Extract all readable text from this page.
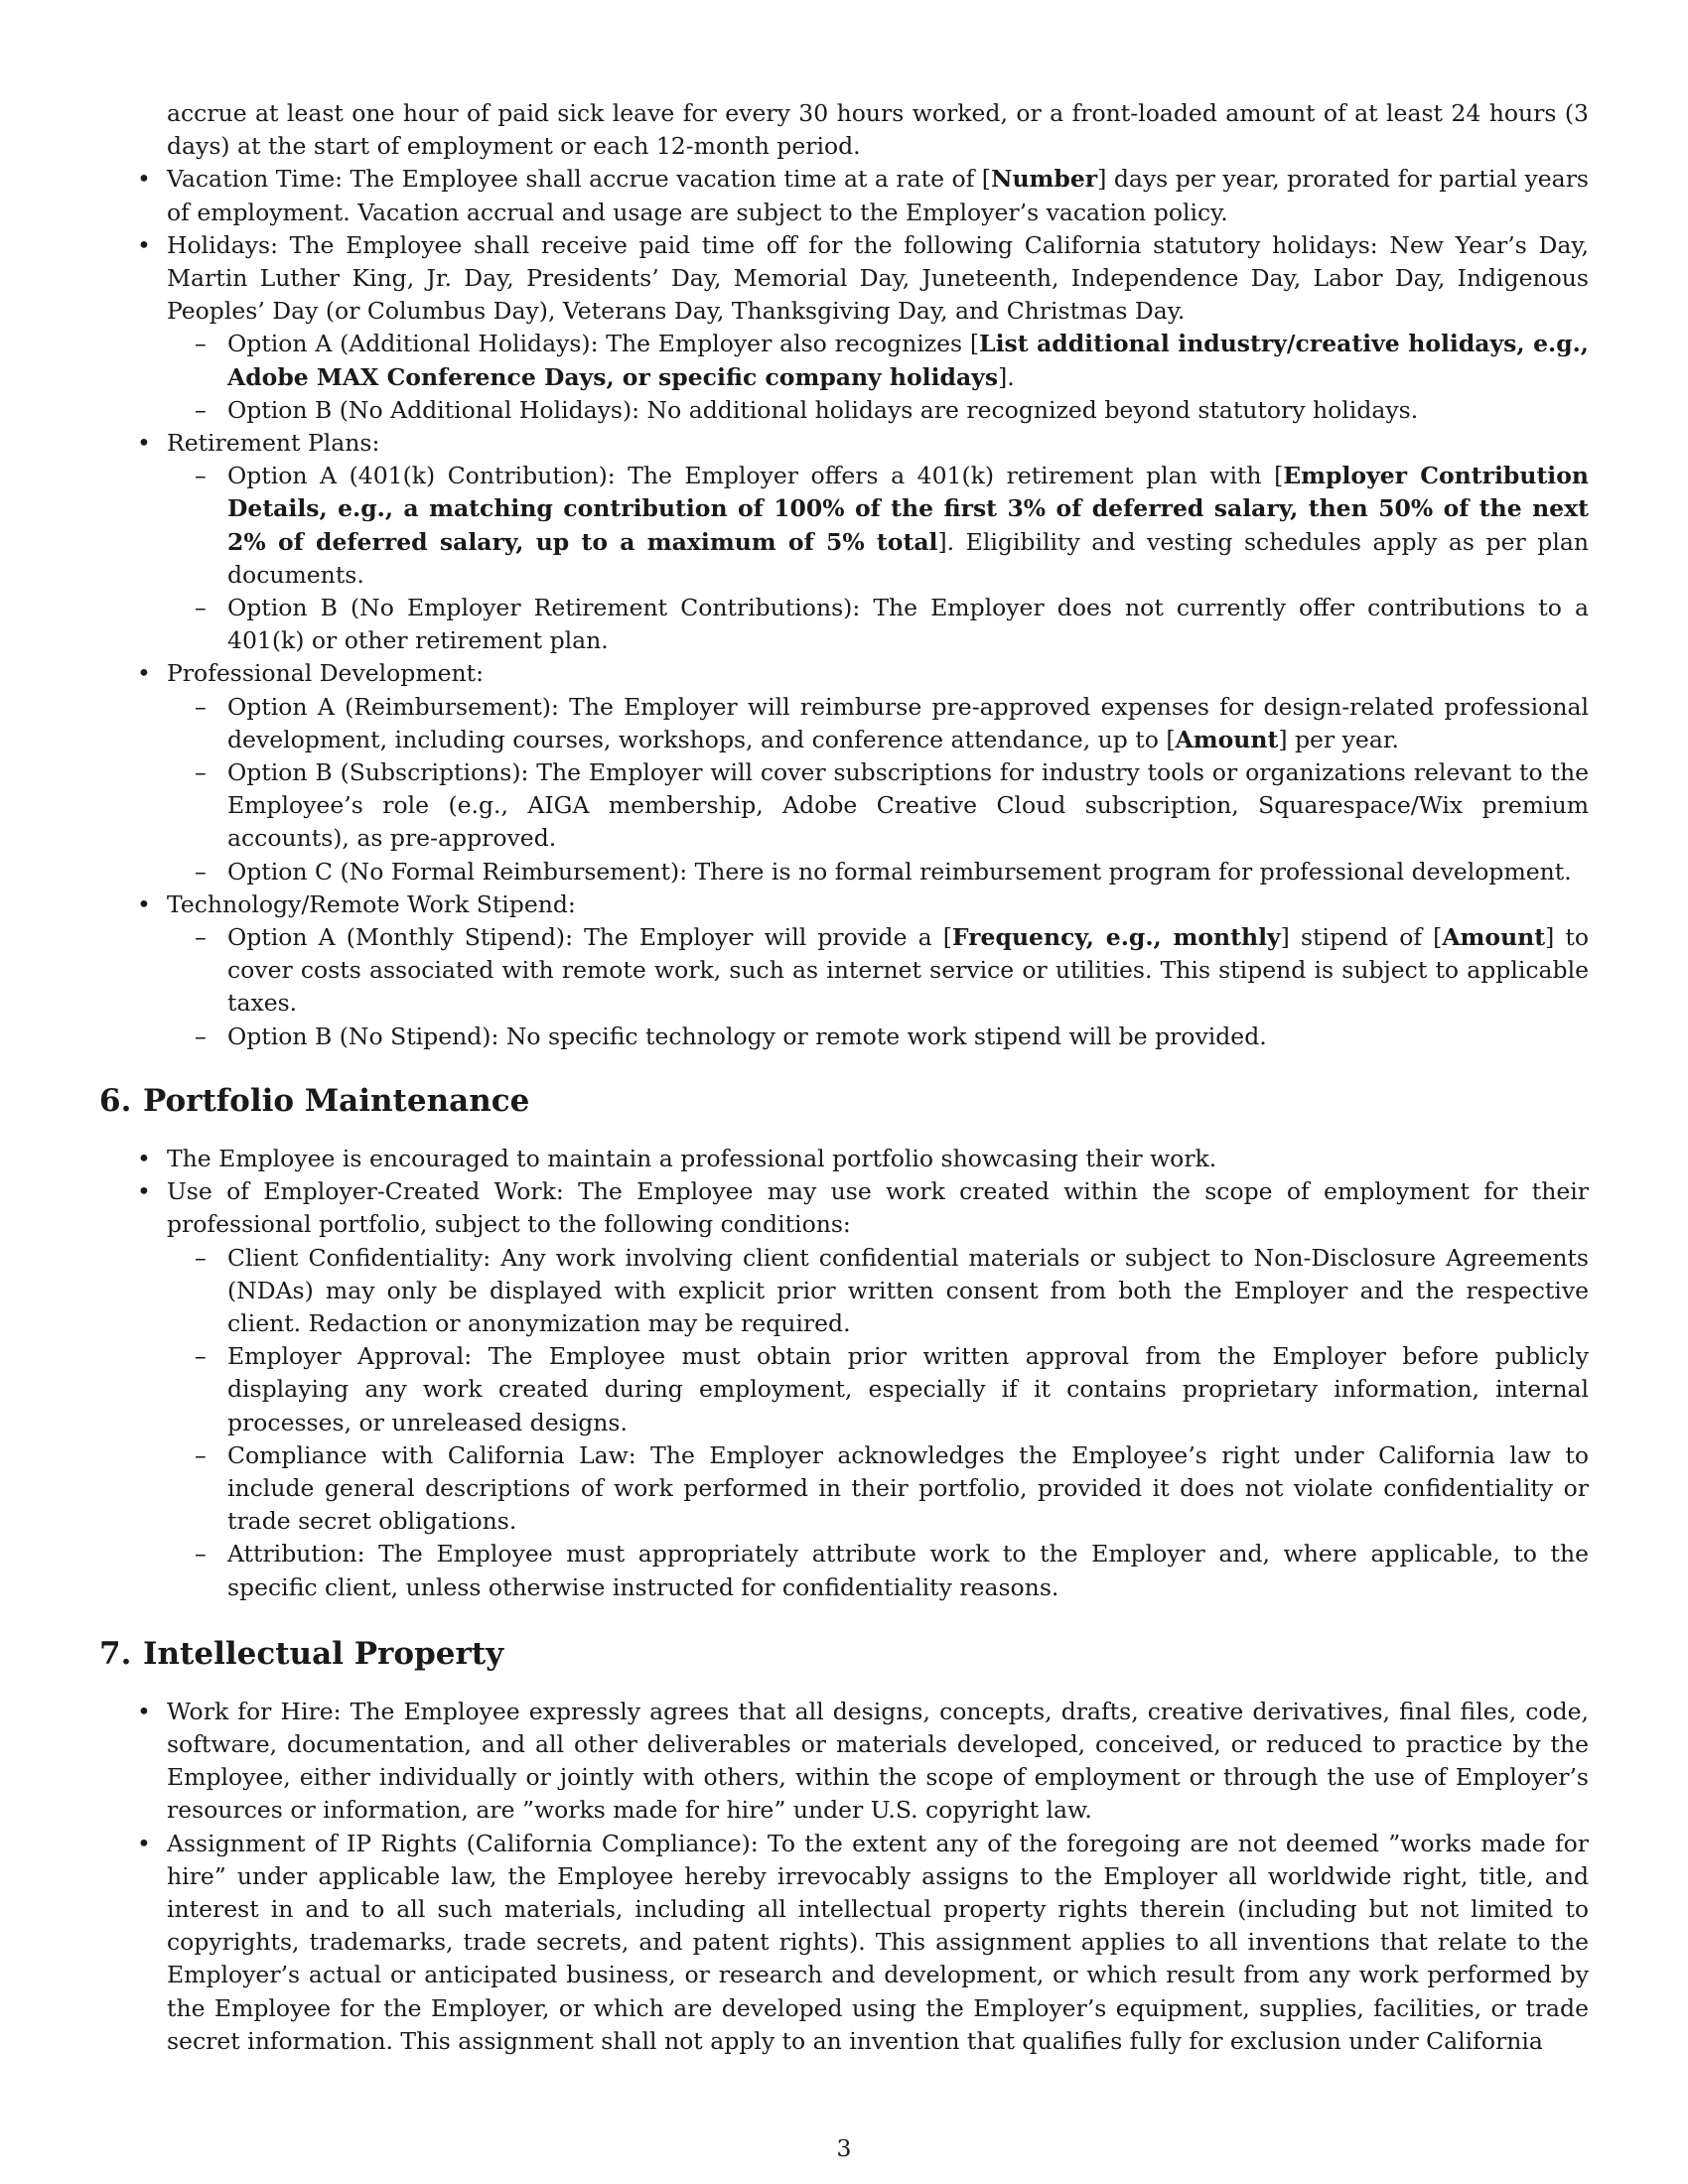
accrue at least one hour of paid sick leave for every 30 hours worked, or a front-loaded amount of at least 24 hours (3 days) at the start of employment or each 12-month period.

• Vacation Time: The Employee shall accrue vacation time at a rate of [Number] days per year, prorated for partial years of employment. Vacation accrual and usage are subject to the Employer’s vacation policy.
• Holidays: The Employee shall receive paid time off for the following California statutory holidays: New Year’s Day, Martin Luther King, Jr. Day, Presidents’ Day, Memorial Day, Juneteenth, Independence Day, Labor Day, Indigenous Peoples’ Day (or Columbus Day), Veterans Day, Thanksgiving Day, and Christmas Day.
– Option A (Additional Holidays): The Employer also recognizes [List additional industry/creative holidays, e.g., Adobe MAX Conference Days, or specific company holidays].
– Option B (No Additional Holidays): No additional holidays are recognized beyond statutory holidays.
• Retirement Plans:
– Option A (401(k) Contribution): The Employer offers a 401(k) retirement plan with [Employer Contribution Details, e.g., a matching contribution of 100% of the first 3% of deferred salary, then 50% of the next 2% of deferred salary, up to a maximum of 5% total]. Eligibility and vesting schedules apply as per plan documents.
– Option B (No Employer Retirement Contributions): The Employer does not currently offer contributions to a 401(k) or other retirement plan.
• Professional Development:
– Option A (Reimbursement): The Employer will reimburse pre-approved expenses for design-related professional development, including courses, workshops, and conference attendance, up to [Amount] per year.
– Option B (Subscriptions): The Employer will cover subscriptions for industry tools or organizations relevant to the Employee’s role (e.g., AIGA membership, Adobe Creative Cloud subscription, Squarespace/Wix premium accounts), as pre-approved.
– Option C (No Formal Reimbursement): There is no formal reimbursement program for professional development.
• Technology/Remote Work Stipend:
– Option A (Monthly Stipend): The Employer will provide a [Frequency, e.g., monthly] stipend of [Amount] to cover costs associated with remote work, such as internet service or utilities. This stipend is subject to applicable taxes.
– Option B (No Stipend): No specific technology or remote work stipend will be provided.
6. Portfolio Maintenance
• The Employee is encouraged to maintain a professional portfolio showcasing their work.
• Use of Employer-Created Work: The Employee may use work created within the scope of employment for their professional portfolio, subject to the following conditions:
– Client Confidentiality: Any work involving client confidential materials or subject to Non-Disclosure Agreements (NDAs) may only be displayed with explicit prior written consent from both the Employer and the respective client. Redaction or anonymization may be required.
– Employer Approval: The Employee must obtain prior written approval from the Employer before publicly displaying any work created during employment, especially if it contains proprietary information, internal processes, or unreleased designs.
– Compliance with California Law: The Employer acknowledges the Employee’s right under California law to include general descriptions of work performed in their portfolio, provided it does not violate confidentiality or trade secret obligations.
– Attribution: The Employee must appropriately attribute work to the Employer and, where applicable, to the specific client, unless otherwise instructed for confidentiality reasons.
7. Intellectual Property
• Work for Hire: The Employee expressly agrees that all designs, concepts, drafts, creative derivatives, final files, code, software, documentation, and all other deliverables or materials developed, conceived, or reduced to practice by the Employee, either individually or jointly with others, within the scope of employment or through the use of Employer’s resources or information, are ”works made for hire” under U.S. copyright law.
• Assignment of IP Rights (California Compliance): To the extent any of the foregoing are not deemed ”works made for hire” under applicable law, the Employee hereby irrevocably assigns to the Employer all worldwide right, title, and interest in and to all such materials, including all intellectual property rights therein (including but not limited to copyrights, trademarks, trade secrets, and patent rights). This assignment applies to all inventions that relate to the Employer’s actual or anticipated business, or research and development, or which result from any work performed by the Employee for the Employer, or which are developed using the Employer’s equipment, supplies, facilities, or trade secret information. This assignment shall not apply to an invention that qualifies fully for exclusion under California
3
